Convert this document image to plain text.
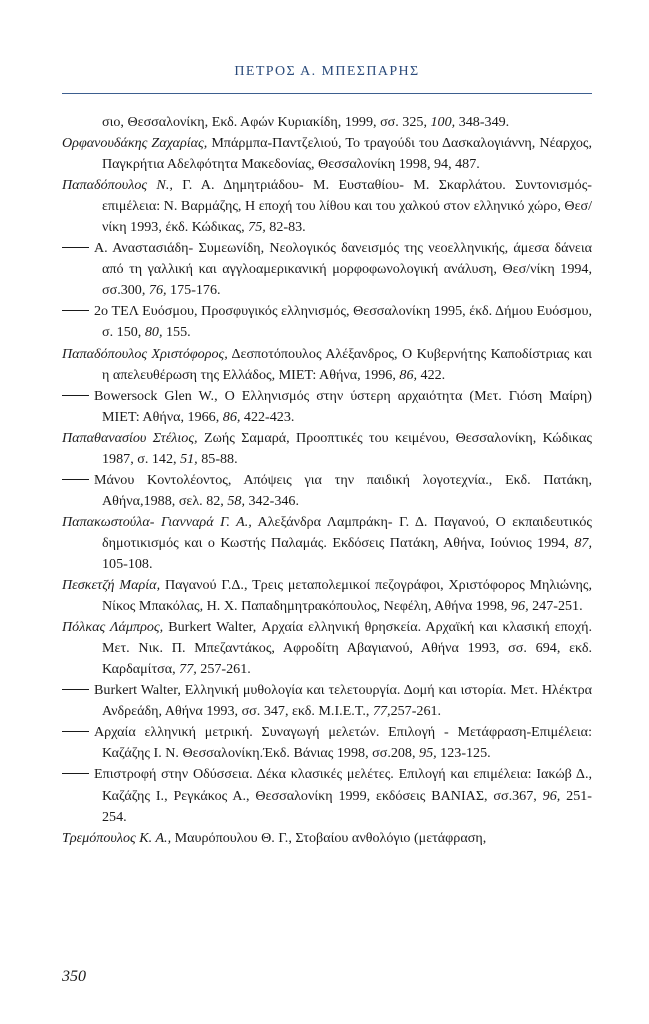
ΠΕΤΡΟΣ Α. ΜΠΕΣΠΑΡΗΣ
σιο, Θεσσαλονίκη, Εκδ. Αφών Κυριακίδη, 1999, σσ. 325, 100, 348-349.
Ορφανουδάκης Ζαχαρίας, Μπάρμπα-Παντζελιού, Το τραγούδι του Δασκαλογιάννη, Νέαρχος, Παγκρήτια Αδελφότητα Μακεδονίας, Θεσσαλονίκη 1998, 94, 487.
Παπαδόπουλος Ν., Γ. Α. Δημητριάδου- Μ. Ευσταθίου- Μ. Σκαρλάτου. Συντονισμός- επιμέλεια: Ν. Βαρμάζης, Η εποχή του λίθου και του χαλκού στον ελληνικό χώρο, Θεσ/νίκη 1993, έκδ. Κώδικας, 75, 82-83.
Α. Αναστασιάδη- Συμεωνίδη, Νεολογικός δανεισμός της νεοελληνικής, άμεσα δάνεια από τη γαλλική και αγγλοαμερικανική μορφοφωνολογική ανάλυση, Θεσ/νίκη 1994, σσ.300, 76, 175-176.
2ο ΤΕΛ Ευόσμου, Προσφυγικός ελληνισμός, Θεσσαλονίκη 1995, έκδ. Δήμου Ευόσμου, σ. 150, 80, 155.
Παπαδόπουλος Χριστόφορος, Δεσποτόπουλος Αλέξανδρος, Ο Κυβερνήτης Καποδίστριας και η απελευθέρωση της Ελλάδος, ΜΙΕΤ: Αθήνα, 1996, 86, 422.
Bowersock Glen W., Ο Ελληνισμός στην ύστερη αρχαιότητα (Μετ. Γιόση Μαίρη) ΜΙΕΤ: Αθήνα, 1966, 86, 422-423.
Παπαθανασίου Στέλιος, Ζωής Σαμαρά, Προοπτικές του κειμένου, Θεσσαλονίκη, Κώδικας 1987, σ. 142, 51, 85-88.
Μάνου Κοντολέοντος, Απόψεις για την παιδική λογοτεχνία., Εκδ. Πατάκη, Αθήνα,1988, σελ. 82, 58, 342-346.
Παπακωστούλα- Γιανναρά Γ. Α., Αλεξάνδρα Λαμπράκη- Γ. Δ. Παγανού, Ο εκπαιδευτικός δημοτικισμός και ο Κωστής Παλαμάς. Εκδόσεις Πατάκη, Αθήνα, Ιούνιος 1994, 87, 105-108.
Πεσκετζή Μαρία, Παγανού Γ.Δ., Τρεις μεταπολεμικοί πεζογράφοι, Χριστόφορος Μηλιώνης, Νίκος Μπακόλας, Η. Χ. Παπαδημητρακόπουλος, Νεφέλη, Αθήνα 1998, 96, 247-251.
Πόλκας Λάμπρος, Burkert Walter, Αρχαία ελληνική θρησκεία. Αρχαϊκή και κλασική εποχή. Μετ. Νικ. Π. Μπεζαντάκος, Αφροδίτη Αβαγιανού, Αθήνα 1993, σσ. 694, εκδ. Καρδαμίτσα, 77, 257-261.
Burkert Walter, Ελληνική μυθολογία και τελετουργία. Δομή και ιστορία. Μετ. Ηλέκτρα Ανδρεάδη, Αθήνα 1993, σσ. 347, εκδ. Μ.Ι.Ε.Τ., 77,257-261.
Αρχαία ελληνική μετρική. Συναγωγή μελετών. Επιλογή - Μετάφραση-Επιμέλεια: Καζάζης Ι. Ν. Θεσσαλονίκη.Έκδ. Βάνιας 1998, σσ.208, 95, 123-125.
Επιστροφή στην Οδύσσεια. Δέκα κλασικές μελέτες. Επιλογή και επιμέλεια: Ιακώβ Δ., Καζάζης Ι., Ρεγκάκος Α., Θεσσαλονίκη 1999, εκδόσεις ΒΑΝΙΑΣ, σσ.367, 96, 251-254.
Τρεμόπουλος Κ. Α., Μαυρόπουλου Θ. Γ., Στοβαίου ανθολόγιο (μετάφραση,
350
